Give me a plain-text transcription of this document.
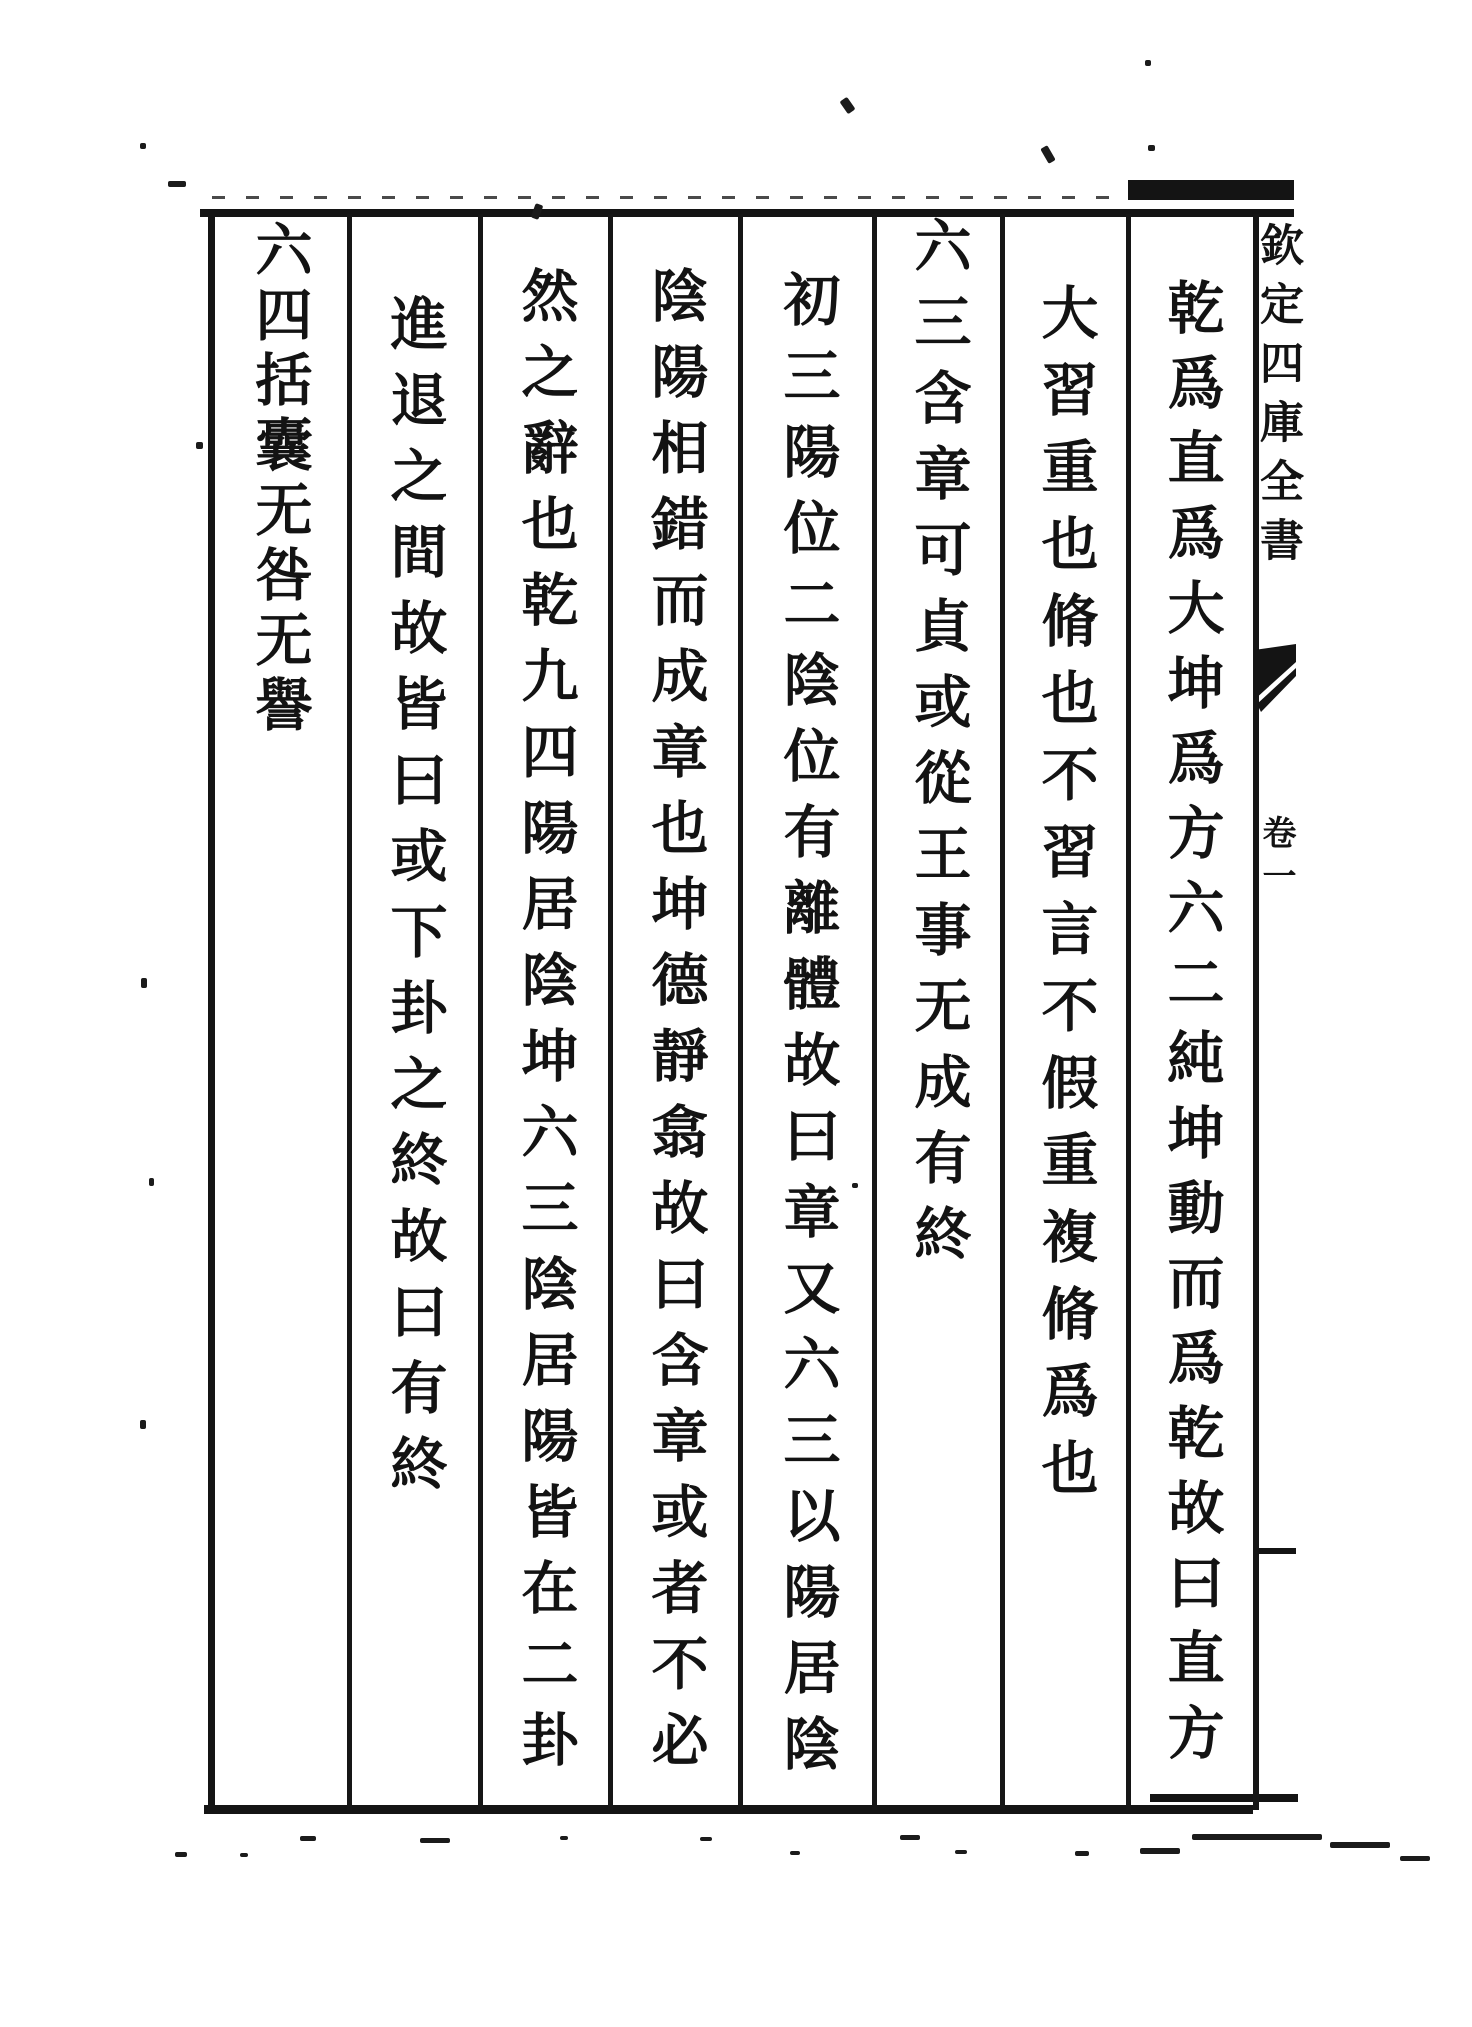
欽定四庫全書
卷一
乾爲直爲大坤爲方六二純坤動而爲乾故曰直方
大習重也脩也不習言不假重複脩爲也
六三含章可貞或從王事无成有終
初三陽位二陰位有離體故曰章又六三以陽居陰
陰陽相錯而成章也坤德靜翕故曰含章或者不必
然之辭也乾九四陽居陰坤六三陰居陽皆在二卦
進退之間故皆曰或下卦之終故曰有終
六四括囊无咎无譽
